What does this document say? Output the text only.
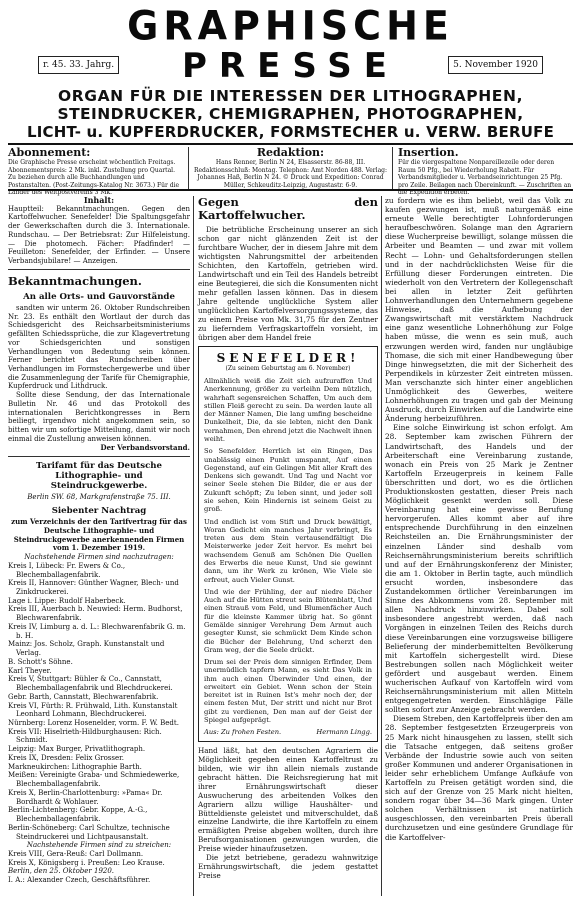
GRAPHISCHE
PRESSE
r. 45. 33. Jahrg.	5. November 1920
ORGAN FÜR DIE INTERESSEN DER LITHOGRAPHEN,
STEINDRUCKER, CHEMIGRAPHEN, PHOTOGRAPHEN,
LICHT- u. KUPFERDRUCKER, FORMSTECHER u. VERW. BERUFE
Abonnement:
Die Graphische Presse erscheint wöchentlich Freitags. Abonnementspreis: 2 Mk. inkl. Zustellung pro Quartal. Zu beziehen durch alle Buchhandlungen und Postanstalten. (Post-Zeitungs-Katalog Nr. 3673.) Für die Länder des Weltpostvereins 3 Mk.
Redaktion:
Hans Renner, Berlin N 24, Elsasserstr. 86-88, III. Redaktionsschluß: Montag. Telephon: Amt Norden 488. Verlag: Johannes Haß, Berlin N 24. © Druck und Expedition: Conrad Müller, Schkeuditz-Leipzig, Augustastr. 6-9.
Insertion.
Für die viergespaltene Nonpareillezeile oder deren Raum 50 Pfg., bei Wiederholung Rabatt. Für Verbandsmitglieder u. Verbandseinrichtungen 25 Pfg. pro Zeile. Beilagen nach Übereinkunft. — Zuschriften an die Expedition erbeten.
Inhalt:
Hauptteil: Bekanntmachungen. Gegen den Kartoffelwucher. Senefelder! Die Spaltungsgefahr der Gewerkschaften durch die 3. Internationale. Rundschau. — Der Betriebsrat: Zur Hilfeleistung. — Die photomech. Fächer: Pfadfinder! — Feuilleton: Senefelder, der Erfinder. — Unsere Verbandsjubilare! — Anzeigen.
Bekanntmachungen.
An alle Orts- und Gauvorstände

sandten wir unterm 26. Oktober Rundschreiben Nr. 23. Es enthält den Wortlaut der durch das Schiedsgericht des Reichsarbeitsministeriums gefällten Schiedssprüche, die zur Klagevertretung vor Schiedsgerichten und sonstigen Verhandlungen von Bedeutung sein können. Ferner berichtet das Rundschreiben über Verhandlungen im Formstechergewerbe und über die Zusammenlegung der Tarife für Chemigraphie, Kupferdruck und Lithdruck.

Sollte diese Sendung, der das Internationale Bulletin Nr. 46 und das Protokoll des internationalen Berichtkongresses in Bern beiliegt, irgendwo nicht angekommen sein, so bitten wir um sofortige Mitteilung, damit wir noch einmal die Zustellung anweisen können.

Der Verbandsvorstand.

Tarifamt für das Deutsche Lithographie- und Steindruckgewerbe.

Berlin SW. 68, Markgrafenstraße 75. III.

Siebenter Nachtrag

zum Verzeichnis der den Tarifvertrag für das Deutsche Lithographie- und Steindruckgewerbe anerkennenden Firmen vom 1. Dezember 1919.

Nachstehende Firmen sind nachzutragen:

Kreis I, Lübeck: Fr. Ewers & Co., Blechemballagenfabrik.

Kreis II, Hannover: Günther Wagner, Blech- und Zinkdruckerei.

Lage i. Lippe: Rudolf Haberbeck.

Kreis III, Auerbach b. Neuwied: Herm. Budhorst, Blechwarenfabrik.

Kreis IV, Limburg a. d. L.: Blechwarenfabrik G. m. b. H.

Mainz: Jos. Scholz, Graph. Kunstanstalt und Verlag.

B. Schott's Söhne.

Karl Theyer.

Kreis V, Stuttgart: Bühler & Co., Cannstatt, Blechemballagenfabrik und Blechdruckerei.

Gebr. Barth, Cannstatt, Blechwarenfabrik.

Kreis VI, Fürth: R. Frühwald, Lith. Kunstanstalt Leonhard Lohmann, Blechdruckerei.

Nürnberg: Lorenz Hosenelder, vorm. F. W. Bedt.

Kreis VII: Hiselrieth-Hildburghausen: Rich. Schmidt.

Leipzig: Max Burger, Privatlithograph.

Kreis IX, Dresden: Felix Grosser.

Markneukirchen: Lithographie Barth.

Meißen: Vereinigte Graba- und Schmiedewerke, Blechemballagenfabrik.

Kreis X, Berlin-Charlottenburg: »Pama« Dr. Bordhardt & Wohlauer.

Berlin-Lichtenberg: Gebr. Koppe, A.-G., Blechemballagenfabrik.

Berlin-Schöneberg: Carl Schultze, technische Steindruckerei und Lichtpausanstalt.

Nachstehende Firmen sind zu streichen:

Kreis VIII, Gera-Reuß: Carl Dollmann.

Kreis X, Königsberg i. Preußen: Leo Krause.

Berlin, den 25. Oktober 1920.

I. A.: Alexander Czech, Geschäftsführer.

Gegen den Kartoffelwucher.

Die betrübliche Erscheinung unserer an sich schon gar nicht glänzenden Zeit ist der furchtbare Wucher, der in diesem Jahre mit dem wichtigsten Nahrungsmittel der arbeitenden Schichten, den Kartoffeln, getrieben wird. Landwirtschaft und ein Teil des Handels betreibt eine Beutegierei, die sich die Konsumenten nicht mehr gefallen lassen können. Das in diesem Jahre geltende unglückliche System aller unglücklichen Kartoffelversorgungssysteme, das zu einem Preise von Mk. 31,75 für den Zentner zu lieferndem Verfragskartoffeln vorsieht, im übrigen aber dem Handel freie

SENEFELDER!
(Zu seinem Geburtstag am 6. November)

Allmählich weiß die Zeit sich aufzuraffen Und Anerkennung, größer zu verleihn Dem nützlich, wahrhaft segensreichen Schaffen, Um auch dem stillen Fleiß gerecht zu sein. Da werden laute all der Männer Namen, Die lang umfing bescheidne Dunkelheit, Die, da sie lebten, nicht den Dank vernahmen, Den ehrend jetzt die Nachwelt ihnen weiht.

So Senefelder. Herrlich ist ein Ringen, Das unablässig einen Punkt umspannt, Auf einen Gegenstand, auf ein Gelingen Mit aller Kraft des Denkens sich gewandt. Und Tag und Nacht vor seiner Seele stehen Die Bilder, die er aus der Zukunft schöpft; Zu leben sinnt, und jeder soll sie sehen, Kein Hindernis ist seinem Geist zu groß.

Und endlich ist vom Stift und Druck bewältigt, Woran Gedicht ein manches Jahr verbringt, Es treten aus dem Stein vertausendfältigt Die Meisterwerke jeder Zeit hervor. Es mehrt bei wachsendem Genuß am Schönen Die Quellen des Erwerbs die neue Kunst, Und sie gewinnt dann, um ihr Werk zu krönen, Wie Viele sie erfreut, auch Vieler Gunst.

Und wie der Frühling, der auf niedre Dächer Auch auf die Hütten streut sein Blütenblatt, Und einen Strauß vom Feld, und Blumenfächer Auch für die kleinste Kammer übrig hat. So gönnt Gemälde sinniger Verehrung Dem Armut auch gesegter Kunst, sie schmückt Dem Kinde schon die Bücher der Belehrung, Und scherzt den Gram weg, der die Seele drückt.

Drum sei der Preis dem sinnigen Erfinder, Dem unermüdlich tapfern Mann, es sieht Das Volk in ihm auch einen Überwinder Und einen, der erweitert ein Gebiet. Wenn schon der Stein bereitet ist in Ruinen Ist's mehr noch der, der einem festen Mut, Der stritt und nicht nur Brot gibt zu verdienen, Den man auf der Geist der Spiegel aufgeprägt.

Aus: Zu frohen Festen.	Hermann Lingg.

Hand läßt, hat den deutschen Agrariern die Möglichkeit gegeben einen Kartoffeltrust zu bilden, wie wir ihn allein niemals zustande gebracht hätten. Die Reichsregierung hat mit ihrer Ernährungswirtschaft dieser Auswucherung des arbeitenden Volkes den Agrariern allzu willige Haushälter- und Bütteldienste geleistet und mitverschuldet, daß einzelne Landwirte, die ihre Kartoffeln zu einem ermäßigten Preise abgeben wollten, durch ihre Berufsorganisationen gezwungen wurden, die Preise wieder hinaufzusetzen.

Die jetzt betriebene, geradezu wahnwitzige Ernährungswirtschaft, die jedem gestattet Preise

zu fordern wie es ihm beliebt, weil das Volk zu kaufen gezwungen ist, muß naturgemäß eine erneute Welle berechtigter Lohnforderungen heraufbeschwören. Solange man den Agrariern diese Wucherpreise bewilligt, solange müssen die Arbeiter und Beamten — und zwar mit vollem Recht — Lohn- und Gehaltsforderungen stellen und in der nachdrücklichsten Weise für die Erfüllung dieser Forderungen eintreten. Die wiederholt von den Vertretern der Kollegenschaft bei allen in letzter Zeit geführten Lohnverhandlungen den Unternehmern gegebene Hinweise, daß die Aufhebung der Zwangswirtschaft mit verstärktem Nachdruck eine ganz wesentliche Lohnerhöhung zur Folge haben müsse, die wenn es sein muß, auch erzwungen werden wird, fanden nur ungläubige Thomase, die sich mit einer Handbewegung über Dinge hinwegsetzten, die mit der Sicherheit des Perpendikels in kürzester Zeit eintreten müssen. Man verschanzte sich hinter einer angeblichen Unmöglichkeit des Gewerbes, weitere Lohnerhöhungen zu tragen und gab der Meinung Ausdruck, durch Einwirken auf die Landwirte eine Änderung herbeizuführen.

Eine solche Einwirkung ist schon erfolgt. Am 28. September kam zwischen Führern der Landwirtschaft, des Handels und der Arbeiterschaft eine Vereinbarung zustande, wonach ein Preis von 25 Mark je Zentner Kartoffeln Erzeugerpreis in keinem Falle überschritten und dort, wo es die örtlichen Produktionskosten gestatten, dieser Preis nach Möglichkeit gesenkt werden soll. Diese Vereinbarung hat eine gewisse Berufung hervorgerufen. Alles kommt aber auf ihre entsprechende Durchführung in den einzelnen Reichsteilen an. Die Ernährungsminister der einzelnen Länder sind deshalb vom Reichsernährungsministerium bereits schriftlich und auf der Ernährungskonferenz der Minister, die am 1. Oktober in Berlin tagte, auch mündlich ersucht worden, insbesondere das Zustandekommen örtlicher Vereinbarungen im Sinne des Abkommens vom 28. September mit allen Nachdruck hinzuwirken. Dabei soll insbesondere angestrebt werden, daß nach Vorgängen in einzelnen Teilen des Reichs durch diese Vereinbarungen eine vorzugsweise billigere Belieferung der minderbemittelten Bevölkerung mit Kartoffeln sichergestellt wird. Diese Bestrebungen sollen nach Möglichkeit weiter gefördert und ausgebaut werden. Einem wucherischen Aufkauf von Kartoffeln wird vom Reichsernährungsministerium mit allen Mitteln entgegengetreten werden. Einschlägige Fälle sollten sofort zur Anzeige gebracht werden.

Diesem Streben, den Kartoffelpreis über den am 28. September festgesetzten Erzeugerpreis von 25 Mark nicht hinausgehen zu lassen, stellt sich die Tatsache entgegen, daß seitens großer Verbände der Industrie sowie auch von seiten großer Kommunen und anderer Organisationen in leider sehr erheblichem Umfange Aufkäufe von Kartoffeln zu Preisen getätigt worden sind, die sich auf der Grenze von 25 Mark nicht hielten, sondern rogar über 34—36 Mark gingen. Unter solchen Verhältnissen ist natürlich ausgeschlossen, den vereinbarten Preis überall durchzusetzen und eine gesündere Grundlage für die Kartoffelver-
